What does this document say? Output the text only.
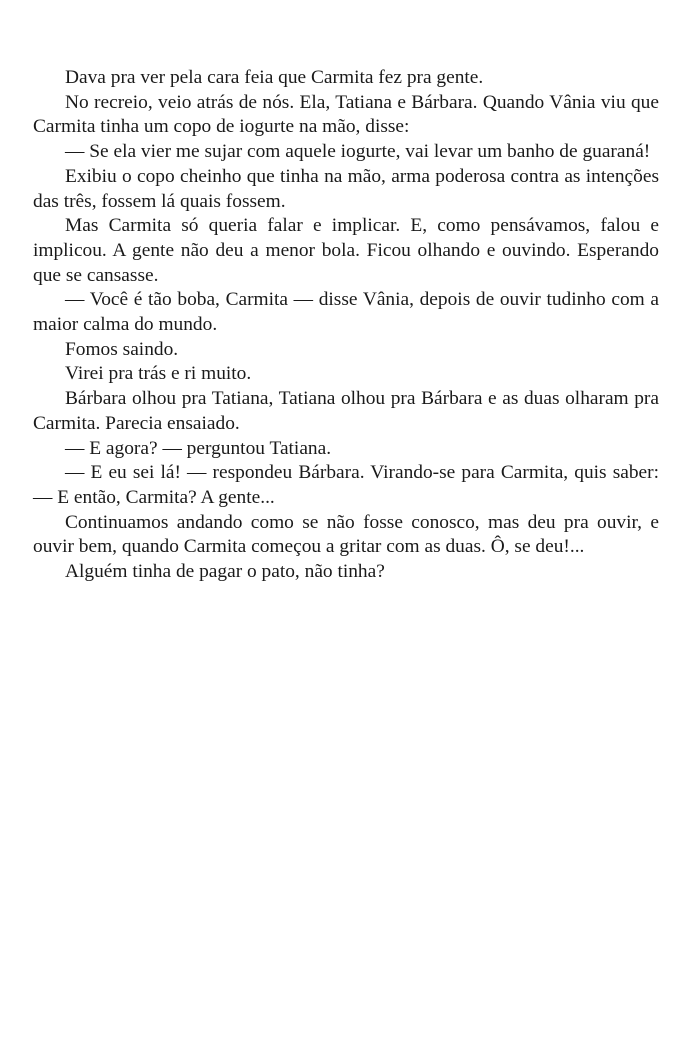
Dava pra ver pela cara feia que Carmita fez pra gente.

No recreio, veio atrás de nós. Ela, Tatiana e Bárbara. Quando Vânia viu que Carmita tinha um copo de iogurte na mão, disse:

— Se ela vier me sujar com aquele iogurte, vai levar um banho de guaraná!

Exibiu o copo cheinho que tinha na mão, arma poderosa contra as intenções das três, fossem lá quais fossem.

Mas Carmita só queria falar e implicar. E, como pensávamos, falou e implicou. A gente não deu a menor bola. Ficou olhando e ouvindo. Esperando que se cansasse.

— Você é tão boba, Carmita — disse Vânia, depois de ouvir tudinho com a maior calma do mundo.

Fomos saindo.

Virei pra trás e ri muito.

Bárbara olhou pra Tatiana, Tatiana olhou pra Bárbara e as duas olharam pra Carmita. Parecia ensaiado.

— E agora? — perguntou Tatiana.

— E eu sei lá! — respondeu Bárbara. Virando-se para Carmita, quis saber: — E então, Carmita? A gente...

Continuamos andando como se não fosse conosco, mas deu pra ouvir, e ouvir bem, quando Carmita começou a gritar com as duas. Ô, se deu!...

Alguém tinha de pagar o pato, não tinha?
